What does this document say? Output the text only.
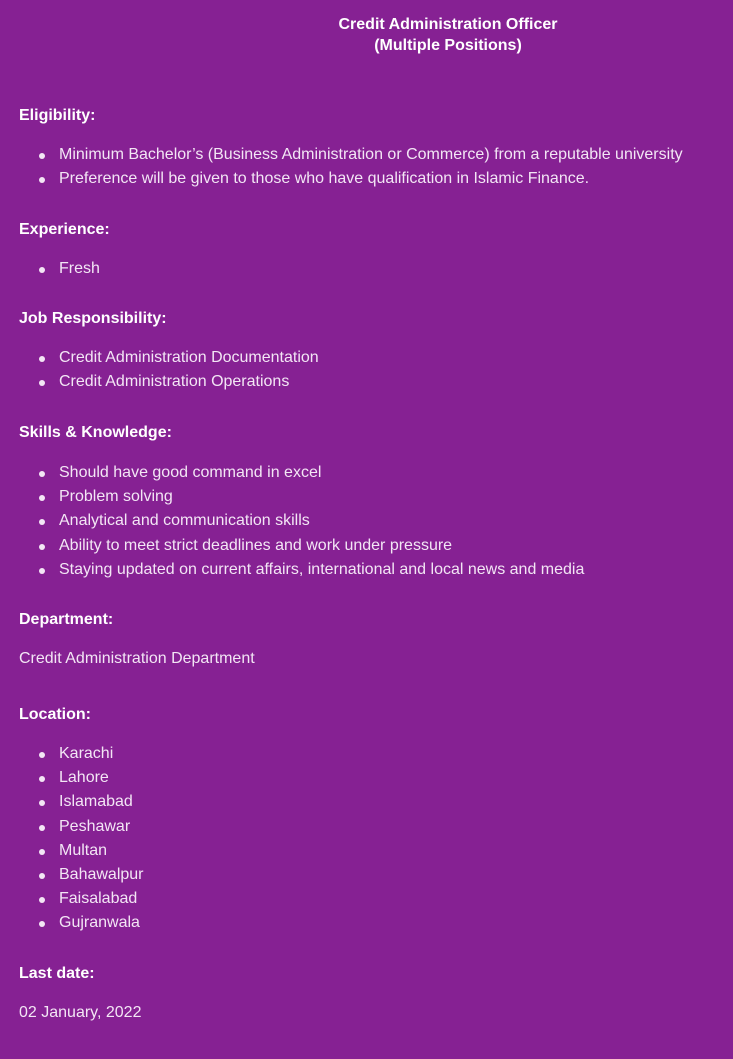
Credit Administration Officer
(Multiple Positions)
Eligibility:
Minimum Bachelor’s (Business Administration or Commerce) from a reputable university
Preference will be given to those who have qualification in Islamic Finance.
Experience:
Fresh
Job Responsibility:
Credit Administration Documentation
Credit Administration Operations
Skills & Knowledge:
Should have good command in excel
Problem solving
Analytical and communication skills
Ability to meet strict deadlines and work under pressure
Staying updated on current affairs, international and local news and media
Department:

Credit Administration Department

Location:
Karachi
Lahore
Islamabad
Peshawar
Multan
Bahawalpur
Faisalabad
Gujranwala
Last date:

02 January, 2022
